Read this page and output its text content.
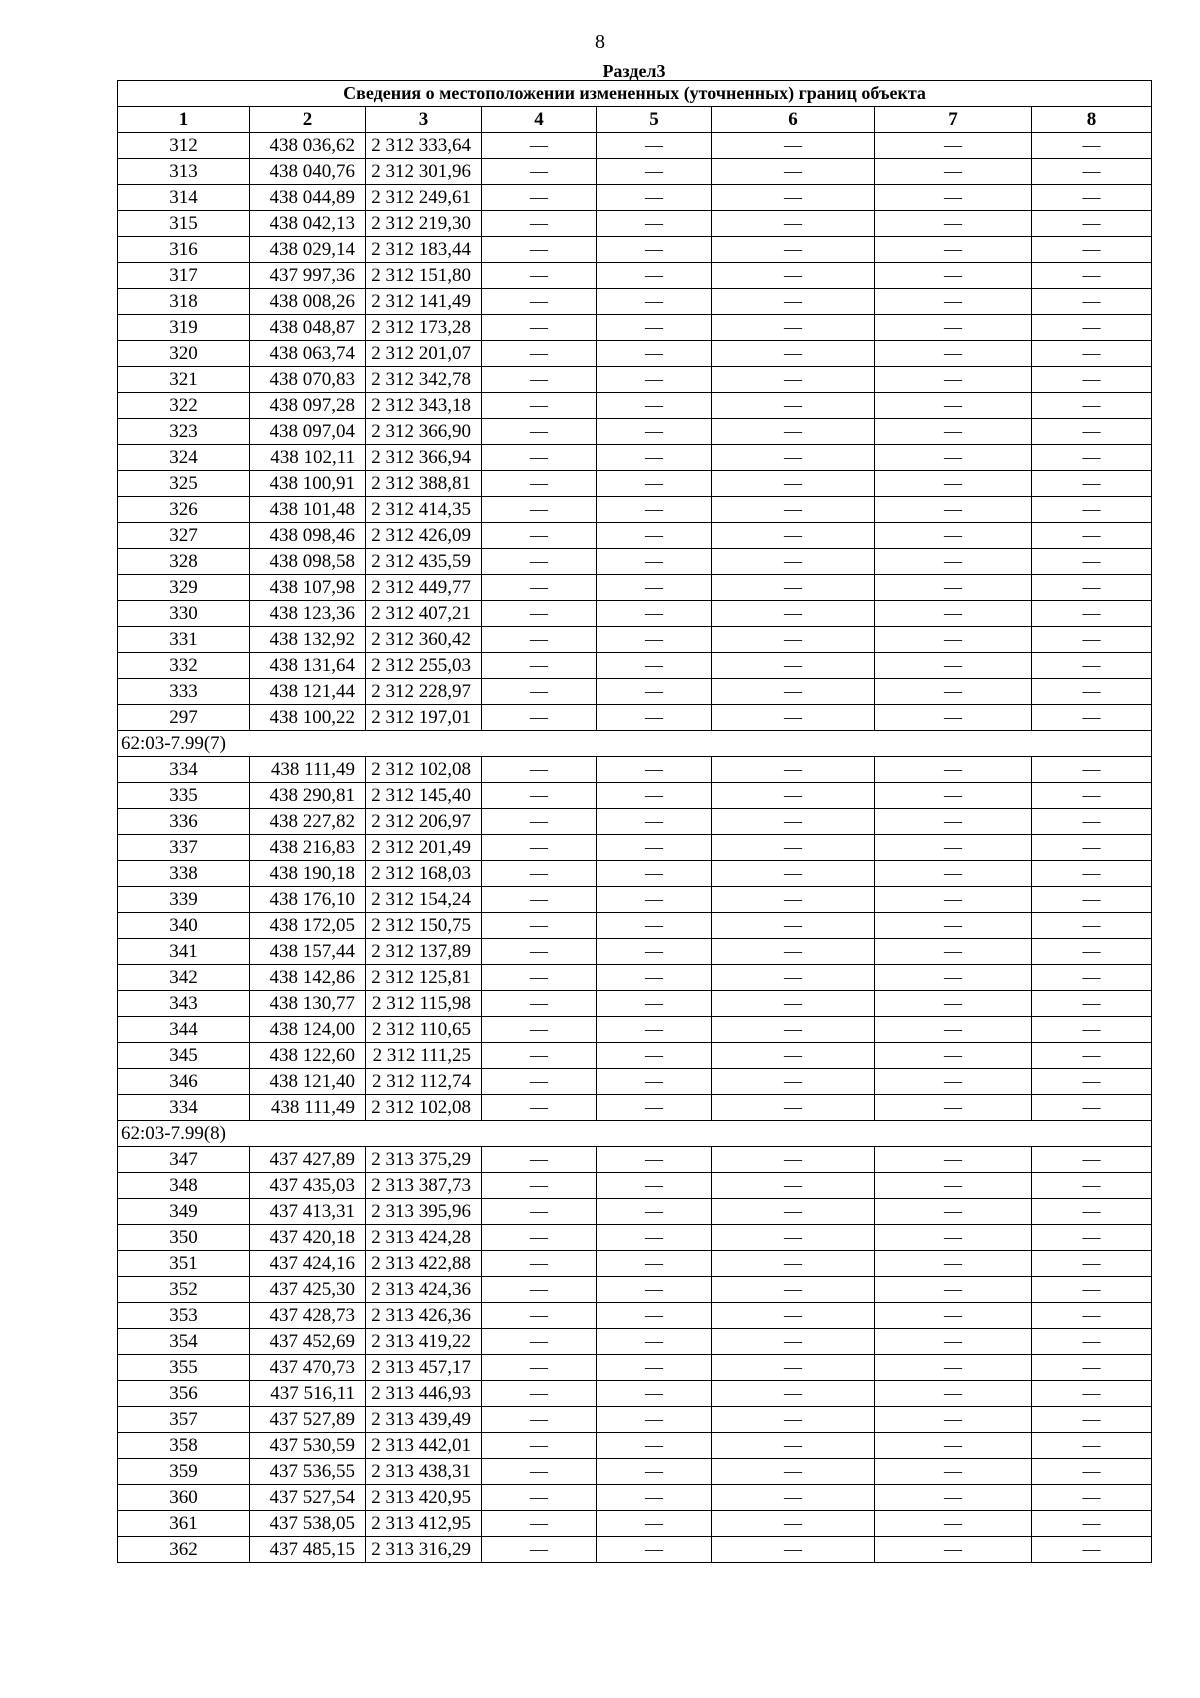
8
Раздел3
Сведения о местоположении измененных (уточненных) границ объекта							
1	2	3	4	5	6	7	8
312	438 036,62	2 312 333,64	—	—	—	—	—
313	438 040,76	2 312 301,96	—	—	—	—	—
314	438 044,89	2 312 249,61	—	—	—	—	—
315	438 042,13	2 312 219,30	—	—	—	—	—
316	438 029,14	2 312 183,44	—	—	—	—	—
317	437 997,36	2 312 151,80	—	—	—	—	—
318	438 008,26	2 312 141,49	—	—	—	—	—
319	438 048,87	2 312 173,28	—	—	—	—	—
320	438 063,74	2 312 201,07	—	—	—	—	—
321	438 070,83	2 312 342,78	—	—	—	—	—
322	438 097,28	2 312 343,18	—	—	—	—	—
323	438 097,04	2 312 366,90	—	—	—	—	—
324	438 102,11	2 312 366,94	—	—	—	—	—
325	438 100,91	2 312 388,81	—	—	—	—	—
326	438 101,48	2 312 414,35	—	—	—	—	—
327	438 098,46	2 312 426,09	—	—	—	—	—
328	438 098,58	2 312 435,59	—	—	—	—	—
329	438 107,98	2 312 449,77	—	—	—	—	—
330	438 123,36	2 312 407,21	—	—	—	—	—
331	438 132,92	2 312 360,42	—	—	—	—	—
332	438 131,64	2 312 255,03	—	—	—	—	—
333	438 121,44	2 312 228,97	—	—	—	—	—
297	438 100,22	2 312 197,01	—	—	—	—	—
62:03-7.99(7)							
334	438 111,49	2 312 102,08	—	—	—	—	—
335	438 290,81	2 312 145,40	—	—	—	—	—
336	438 227,82	2 312 206,97	—	—	—	—	—
337	438 216,83	2 312 201,49	—	—	—	—	—
338	438 190,18	2 312 168,03	—	—	—	—	—
339	438 176,10	2 312 154,24	—	—	—	—	—
340	438 172,05	2 312 150,75	—	—	—	—	—
341	438 157,44	2 312 137,89	—	—	—	—	—
342	438 142,86	2 312 125,81	—	—	—	—	—
343	438 130,77	2 312 115,98	—	—	—	—	—
344	438 124,00	2 312 110,65	—	—	—	—	—
345	438 122,60	2 312 111,25	—	—	—	—	—
346	438 121,40	2 312 112,74	—	—	—	—	—
334	438 111,49	2 312 102,08	—	—	—	—	—
62:03-7.99(8)							
347	437 427,89	2 313 375,29	—	—	—	—	—
348	437 435,03	2 313 387,73	—	—	—	—	—
349	437 413,31	2 313 395,96	—	—	—	—	—
350	437 420,18	2 313 424,28	—	—	—	—	—
351	437 424,16	2 313 422,88	—	—	—	—	—
352	437 425,30	2 313 424,36	—	—	—	—	—
353	437 428,73	2 313 426,36	—	—	—	—	—
354	437 452,69	2 313 419,22	—	—	—	—	—
355	437 470,73	2 313 457,17	—	—	—	—	—
356	437 516,11	2 313 446,93	—	—	—	—	—
357	437 527,89	2 313 439,49	—	—	—	—	—
358	437 530,59	2 313 442,01	—	—	—	—	—
359	437 536,55	2 313 438,31	—	—	—	—	—
360	437 527,54	2 313 420,95	—	—	—	—	—
361	437 538,05	2 313 412,95	—	—	—	—	—
362	437 485,15	2 313 316,29	—	—	—	—	—
